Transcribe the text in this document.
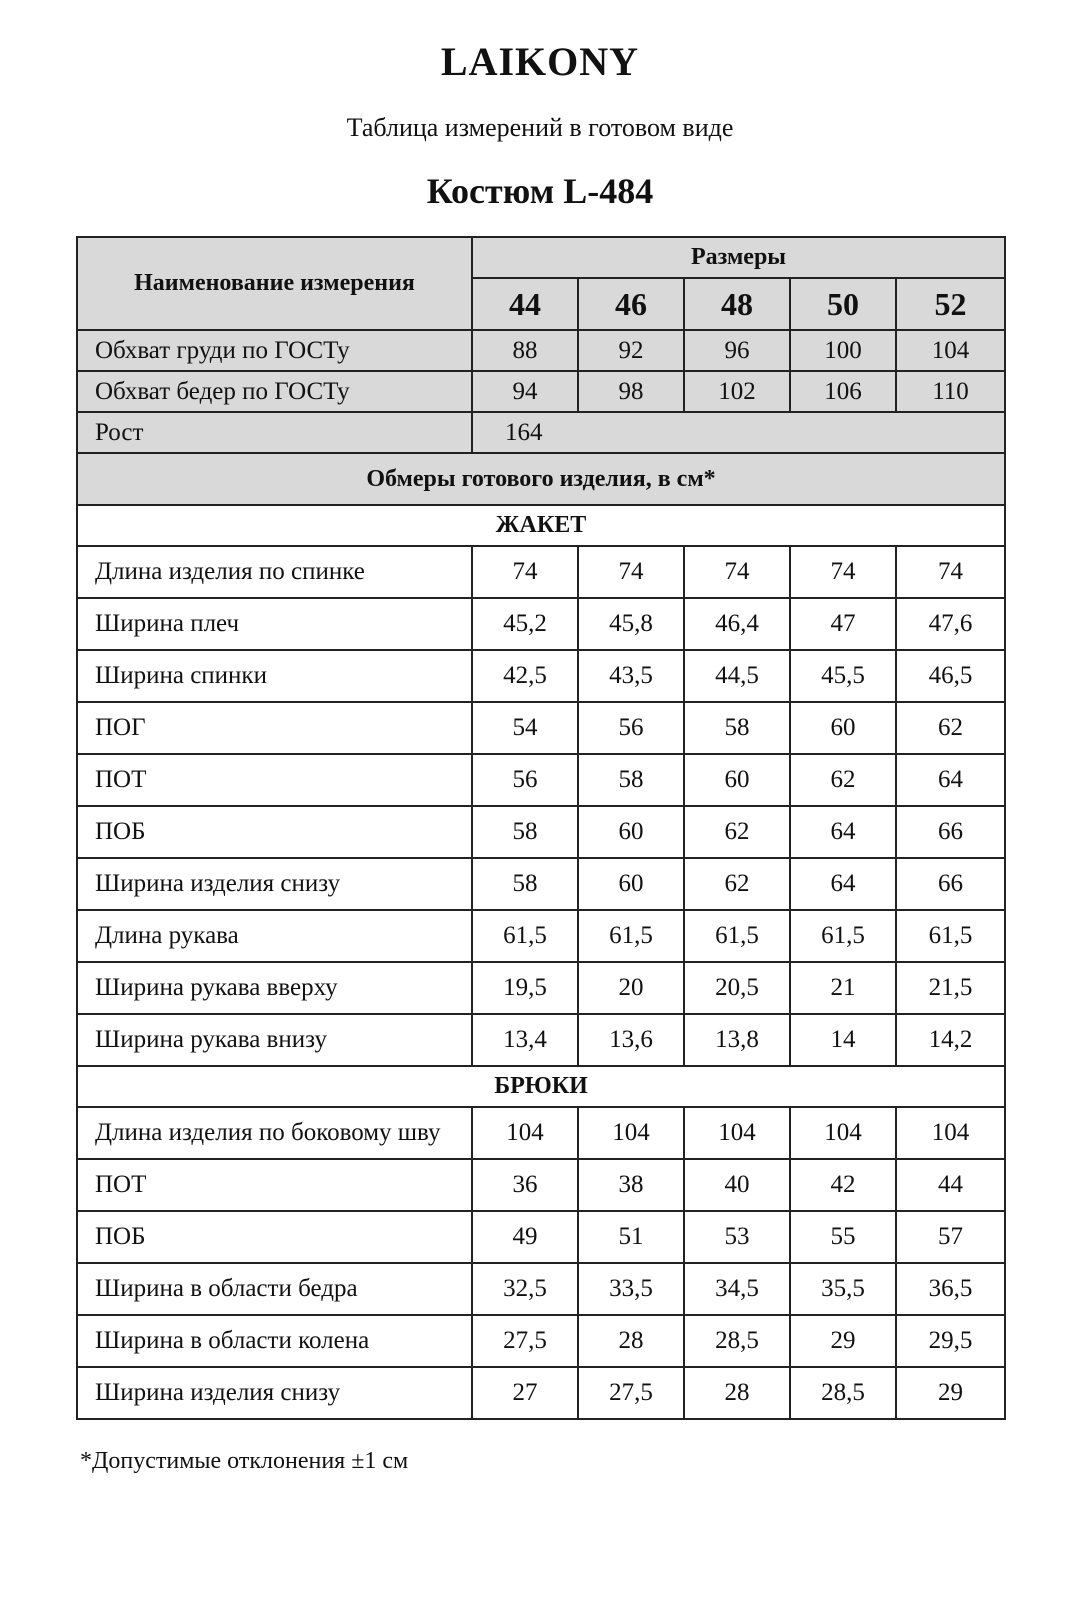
LAIKONY
Таблица измерений в готовом виде
Костюм L-484
Наименование измерения	Размеры				
	44	46	48	50	52
Обхват груди по ГОСТу	88	92	96	100	104
Обхват бедер по ГОСТу	94	98	102	106	110
Рост	164				
Обмеры готового изделия, в см*					
ЖАКЕТ					
Длина изделия по спинке	74	74	74	74	74
Ширина плеч	45,2	45,8	46,4	47	47,6
Ширина спинки	42,5	43,5	44,5	45,5	46,5
ПОГ	54	56	58	60	62
ПОТ	56	58	60	62	64
ПОБ	58	60	62	64	66
Ширина изделия снизу	58	60	62	64	66
Длина рукава	61,5	61,5	61,5	61,5	61,5
Ширина рукава вверху	19,5	20	20,5	21	21,5
Ширина рукава внизу	13,4	13,6	13,8	14	14,2
БРЮКИ					
Длина изделия по боковому шву	104	104	104	104	104
ПОТ	36	38	40	42	44
ПОБ	49	51	53	55	57
Ширина в области бедра	32,5	33,5	34,5	35,5	36,5
Ширина в области колена	27,5	28	28,5	29	29,5
Ширина изделия снизу	27	27,5	28	28,5	29
*Допустимые отклонения ±1 см
